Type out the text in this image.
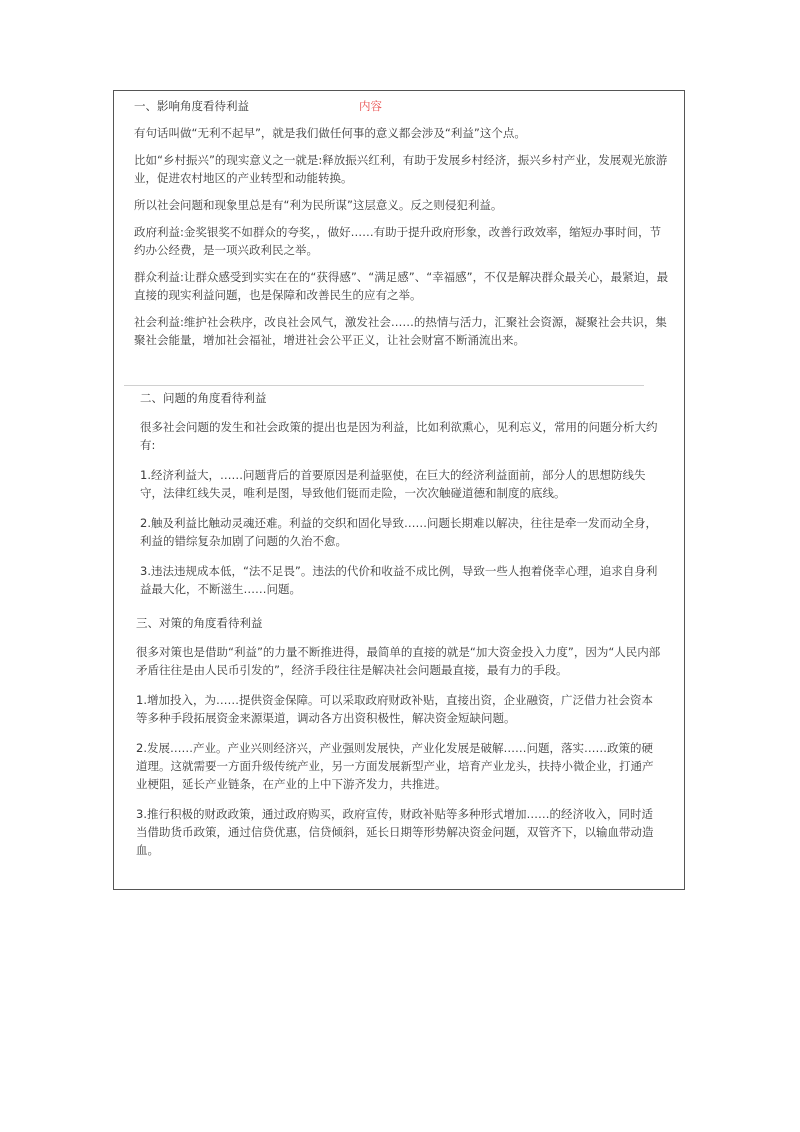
一、影响角度看待利益	内容

有句话叫做“无利不起早”，就是我们做任何事的意义都会涉及“利益”这个点。

比如“乡村振兴”的现实意义之一就是:释放振兴红利，有助于发展乡村经济，振兴乡村产业，发展观光旅游业，促进农村地区的产业转型和动能转换。

所以社会问题和现象里总是有“利为民所谋”这层意义。反之则侵犯利益。

政府利益:金奖银奖不如群众的夸奖，，做好……有助于提升政府形象，改善行政效率，缩短办事时间，节约办公经费，是一项兴政利民之举。

群众利益:让群众感受到实实在在的“获得感”、“满足感”、“幸福感”，不仅是解决群众最关心，最紧迫，最直接的现实利益问题，也是保障和改善民生的应有之举。

社会利益:维护社会秩序，改良社会风气，激发社会……的热情与活力，汇聚社会资源，凝聚社会共识，集聚社会能量，增加社会福祉，增进社会公平正义，让社会财富不断涌流出来。

二、问题的角度看待利益

很多社会问题的发生和社会政策的提出也是因为利益，比如利欲熏心，见利忘义，常用的问题分析大约有:

1.经济利益大，……问题背后的首要原因是利益驱使，在巨大的经济利益面前，部分人的思想防线失守，法律红线失灵，唯利是图，导致他们铤而走险，一次次触碰道德和制度的底线。

2.触及利益比触动灵魂还难。利益的交织和固化导致……问题长期难以解决，往往是牵一发而动全身，利益的错综复杂加剧了问题的久治不愈。

3.违法违规成本低，“法不足畏”。违法的代价和收益不成比例，导致一些人抱着侥幸心理，追求自身利益最大化，不断滋生……问题。

三、对策的角度看待利益

很多对策也是借助“利益”的力量不断推进得，最简单的直接的就是“加大资金投入力度”，因为“人民内部矛盾往往是由人民币引发的”，经济手段往往是解决社会问题最直接，最有力的手段。

1.增加投入，为……提供资金保障。可以采取政府财政补贴，直接出资，企业融资，广泛借力社会资本等多种手段拓展资金来源渠道，调动各方出资积极性，解决资金短缺问题。

2.发展……产业。产业兴则经济兴，产业强则发展快，产业化发展是破解……问题，落实……政策的硬道理。这就需要一方面升级传统产业，另一方面发展新型产业，培育产业龙头，扶持小微企业，打通产业梗阻，延长产业链条，在产业的上中下游齐发力，共推进。

3.推行积极的财政政策，通过政府购买，政府宣传，财政补贴等多种形式增加……的经济收入，同时适当借助货币政策，通过信贷优惠，信贷倾斜，延长日期等形势解决资金问题，双管齐下，以输血带动造血。
